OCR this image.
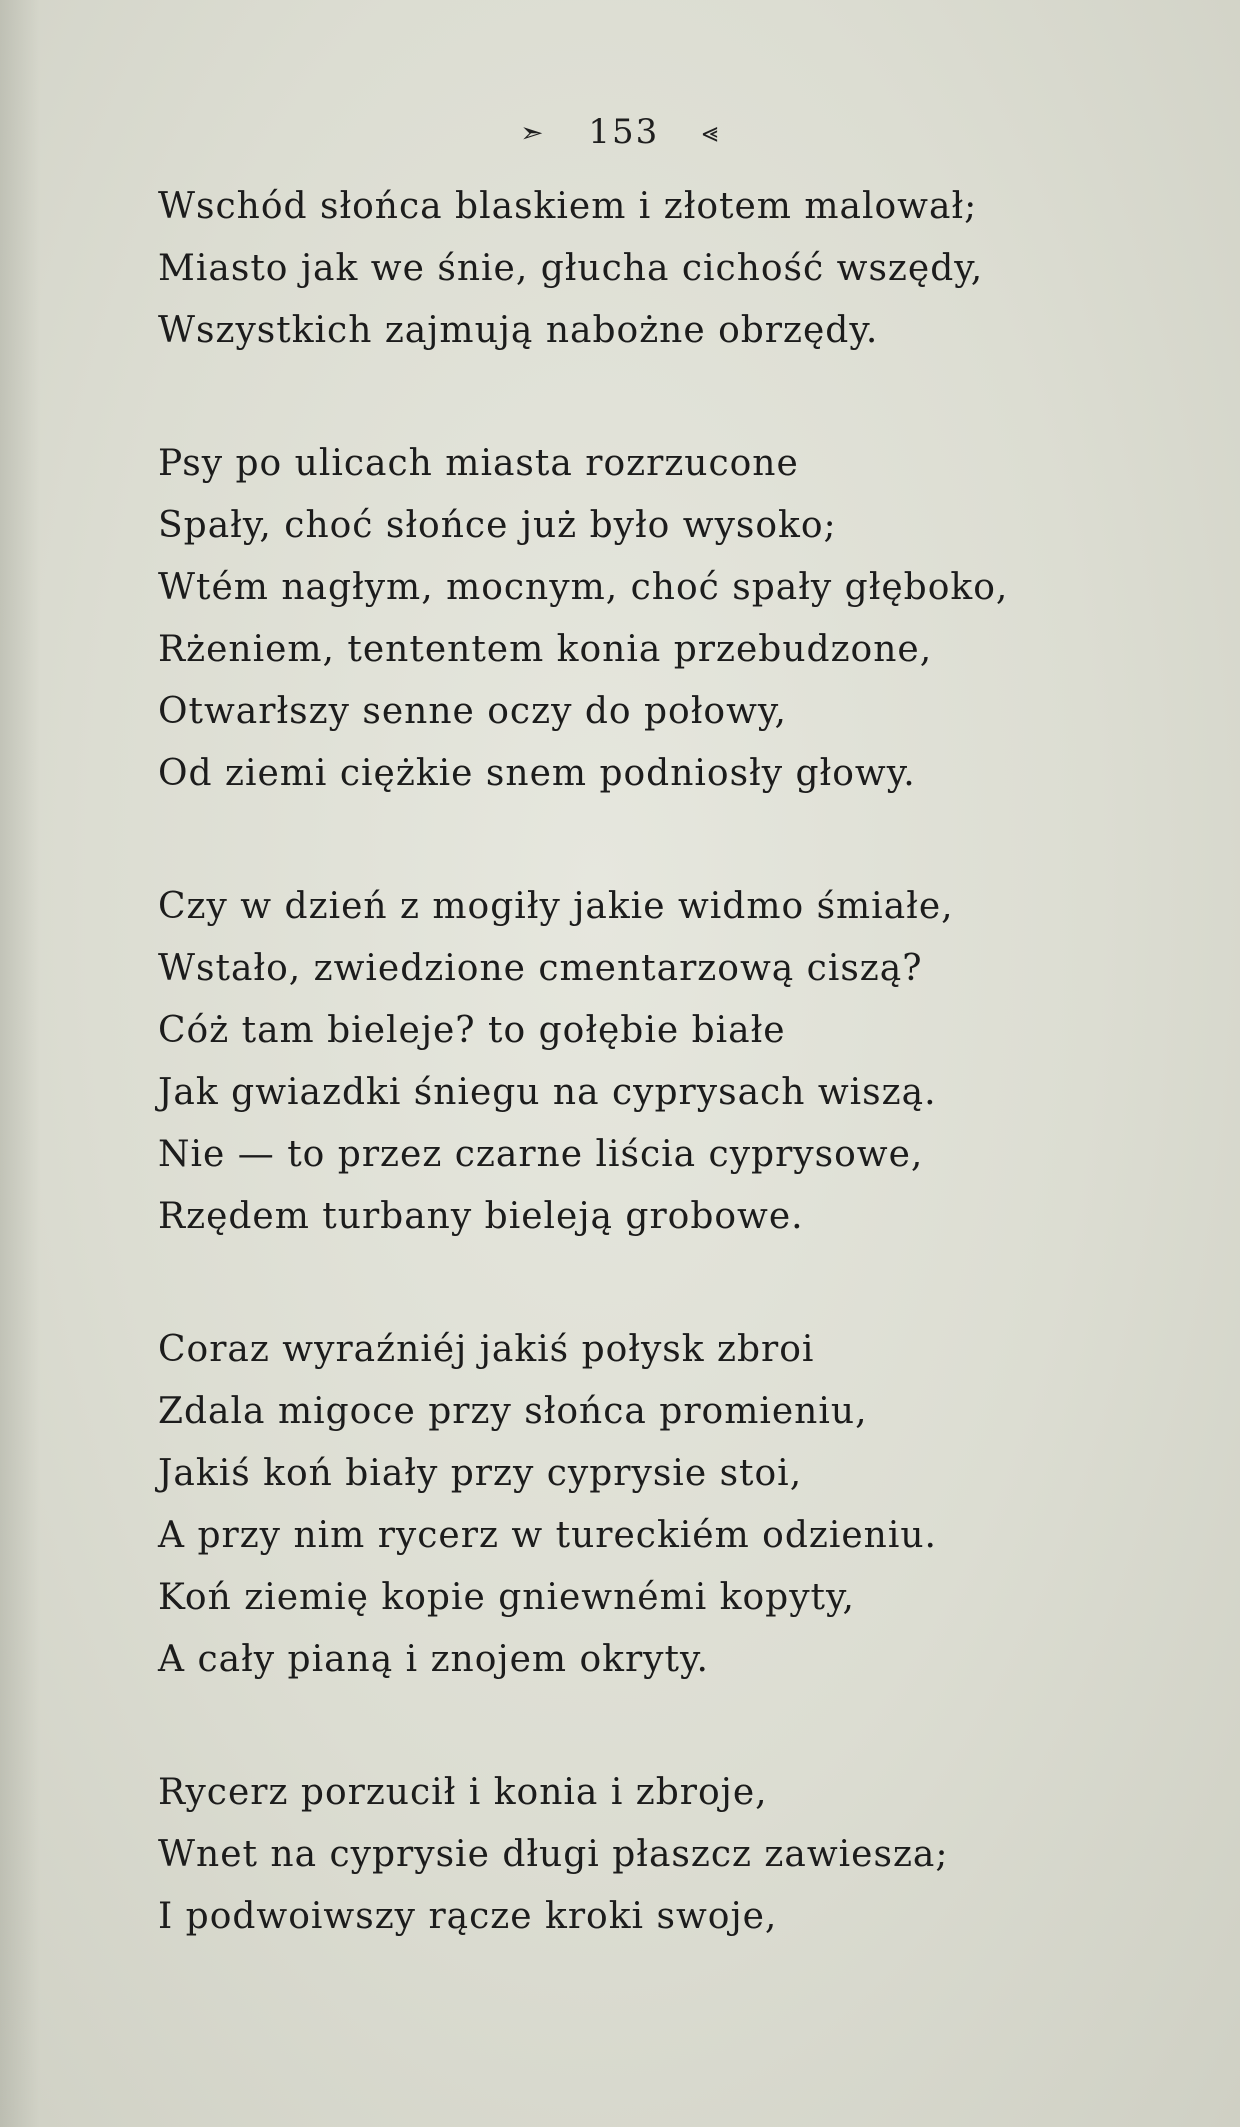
➣ 153 ⪡
Wschód słońca blaskiem i złotem malował;
Miasto jak we śnie, głucha cichość wszędy,
Wszystkich zajmują nabożne obrzędy.
Psy po ulicach miasta rozrzucone
Spały, choć słońce już było wysoko;
Wtém nagłym, mocnym, choć spały głęboko,
Rżeniem, tententem konia przebudzone,
Otwarłszy senne oczy do połowy,
Od ziemi ciężkie snem podniosły głowy.
Czy w dzień z mogiły jakie widmo śmiałe,
Wstało, zwiedzione cmentarzową ciszą?
Cóż tam bieleje? to gołębie białe
Jak gwiazdki śniegu na cyprysach wiszą.
Nie — to przez czarne liścia cyprysowe,
Rzędem turbany bieleją grobowe.
Coraz wyraźniéj jakiś połysk zbroi
Zdala migoce przy słońca promieniu,
Jakiś koń biały przy cyprysie stoi,
A przy nim rycerz w tureckiém odzieniu.
Koń ziemię kopie gniewnémi kopyty,
A cały pianą i znojem okryty.
Rycerz porzucił i konia i zbroje,
Wnet na cyprysie długi płaszcz zawiesza;
I podwoiwszy rącze kroki swoje,
